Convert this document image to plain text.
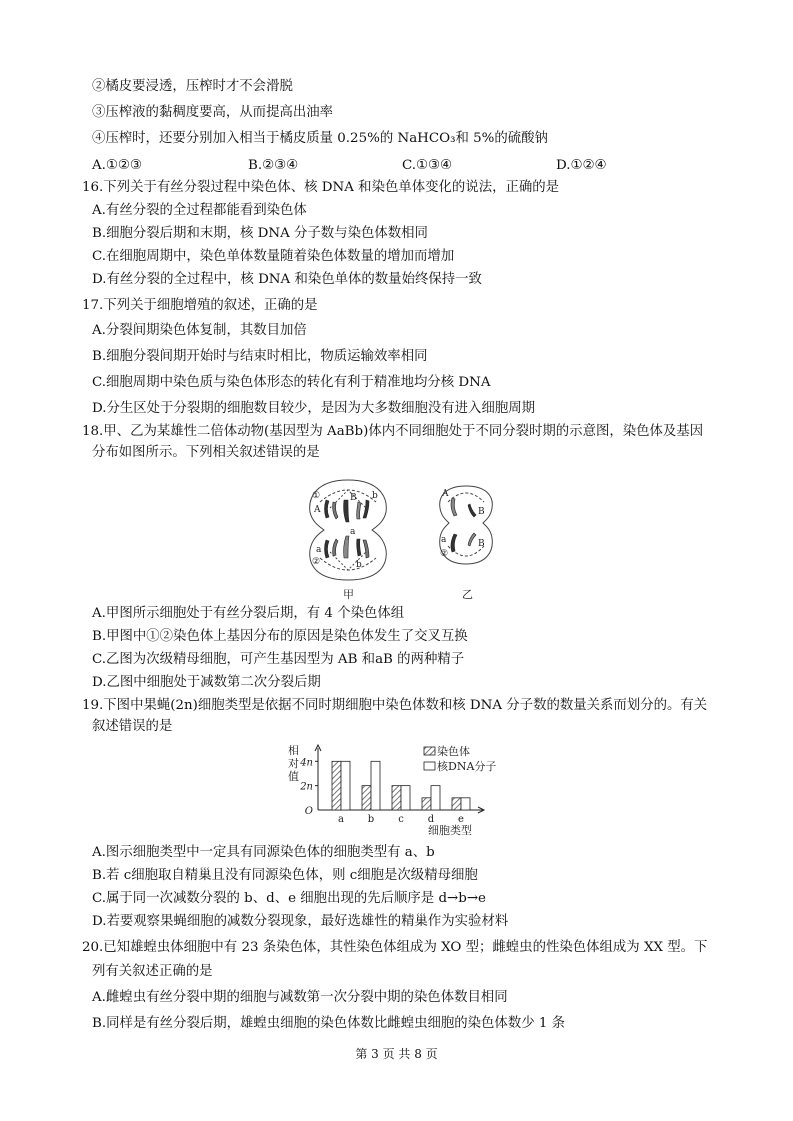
②橘皮要浸透，压榨时才不会滑脱
③压榨液的黏稠度要高，从而提高出油率
④压榨时，还要分别加入相当于橘皮质量 0.25%的 NaHCO₃和 5%的硫酸钠
A.①②③	B.②③④	C.①③④	D.①②④
16.下列关于有丝分裂过程中染色体、核 DNA 和染色单体变化的说法，正确的是
A.有丝分裂的全过程都能看到染色体
B.细胞分裂后期和末期，核 DNA 分子数与染色体数相同
C.在细胞周期中，染色单体数量随着染色体数量的增加而增加
D.有丝分裂的全过程中，核 DNA 和染色单体的数量始终保持一致
17.下列关于细胞增殖的叙述，正确的是
A.分裂间期染色体复制，其数目加倍
B.细胞分裂间期开始时与结束时相比，物质运输效率相同
C.细胞周期中染色质与染色体形态的转化有利于精准地均分核 DNA
D.分生区处于分裂期的细胞数目较少，是因为大多数细胞没有进入细胞周期
18.甲、乙为某雄性二倍体动物(基因型为 AaBb)体内不同细胞处于不同分裂时期的示意图，染色体及基因
分布如图所示。下列相关叙述错误的是
①
A
B b
a
a
②	b
甲
A
B
a
②
B
乙
A.甲图所示细胞处于有丝分裂后期，有 4 个染色体组
B.甲图中①②染色体上基因分布的原因是染色体发生了交叉互换
C.乙图为次级精母细胞，可产生基因型为 AB 和aB 的两种精子
D.乙图中细胞处于减数第二次分裂后期
19.下图中果蝇(2n)细胞类型是依据不同时期细胞中染色体数和核 DNA 分子数的数量关系而划分的。有关
叙述错误的是
相
对
值
4n
2n
O
a b c d e
细胞类型
染色体
核DNA分子
A.图示细胞类型中一定具有同源染色体的细胞类型有 a、b
B.若 c细胞取自精巢且没有同源染色体，则 c细胞是次级精母细胞
C.属于同一次减数分裂的 b、d、e 细胞出现的先后顺序是 d→b→e
D.若要观察果蝇细胞的减数分裂现象，最好选雄性的精巢作为实验材料
20.已知雄蝗虫体细胞中有 23 条染色体，其性染色体组成为 XO 型；雌蝗虫的性染色体组成为 XX 型。下
列有关叙述正确的是
A.雌蝗虫有丝分裂中期的细胞与减数第一次分裂中期的染色体数目相同
B.同样是有丝分裂后期，雄蝗虫细胞的染色体数比雌蝗虫细胞的染色体数少 1 条
第 3 页 共 8 页
